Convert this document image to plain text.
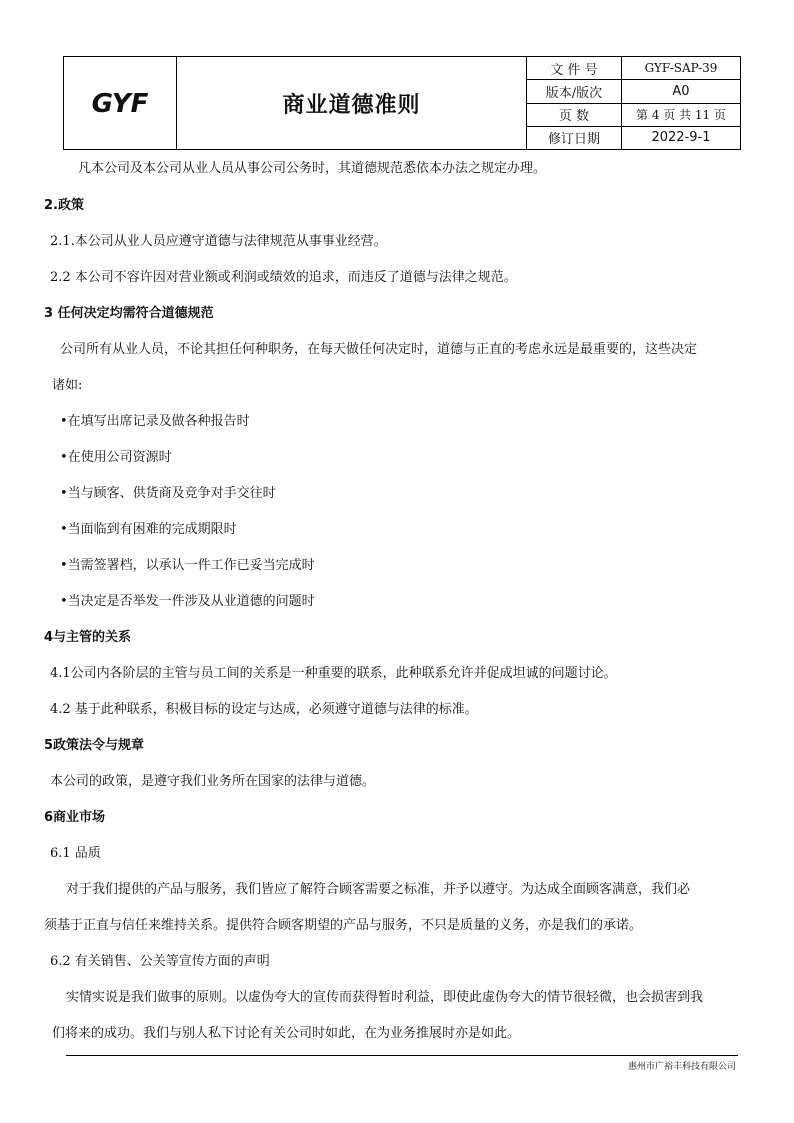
GYF	商业道德准则
文 件 号	GYF-SAP-39
版本/版次	A0
页 数	第 4 页 共 11 页
修订日期	2022-9-1
凡本公司及本公司从业人员从事公司公务时，其道德规范悉依本办法之规定办理。
2.政策
2.1.本公司从业人员应遵守道德与法律规范从事事业经营。
2.2 本公司不容许因对营业额或利润或绩效的追求，而违反了道德与法律之规范。
3 任何决定均需符合道德规范
公司所有从业人员，不论其担任何种职务，在每天做任何决定时，道德与正直的考虑永远是最重要的，这些决定
诸如:
•在填写出席记录及做各种报告时
•在使用公司资源时
•当与顾客、供货商及竞争对手交往时
•当面临到有困难的完成期限时
•当需签署档，以承认一件工作已妥当完成时
•当决定是否举发一件涉及从业道德的问题时
4与主管的关系
4.1公司内各阶层的主管与员工间的关系是一种重要的联系，此种联系允许并促成坦诚的问题讨论。
4.2 基于此种联系，积极目标的设定与达成，必须遵守道德与法律的标准。
5政策法令与规章
本公司的政策，是遵守我们业务所在国家的法律与道德。
6商业市场
6.1 品质
对于我们提供的产品与服务，我们皆应了解符合顾客需要之标准，并予以遵守。为达成全面顾客满意，我们必
须基于正直与信任来维持关系。提供符合顾客期望的产品与服务，不只是质量的义务，亦是我们的承诺。
6.2 有关销售、公关等宣传方面的声明
实情实说是我们做事的原则。以虚伪夸大的宣传而获得暂时利益，即使此虚伪夸大的情节很轻微，也会损害到我
们将来的成功。我们与别人私下讨论有关公司时如此，在为业务推展时亦是如此。
惠州市广裕丰科技有限公司
